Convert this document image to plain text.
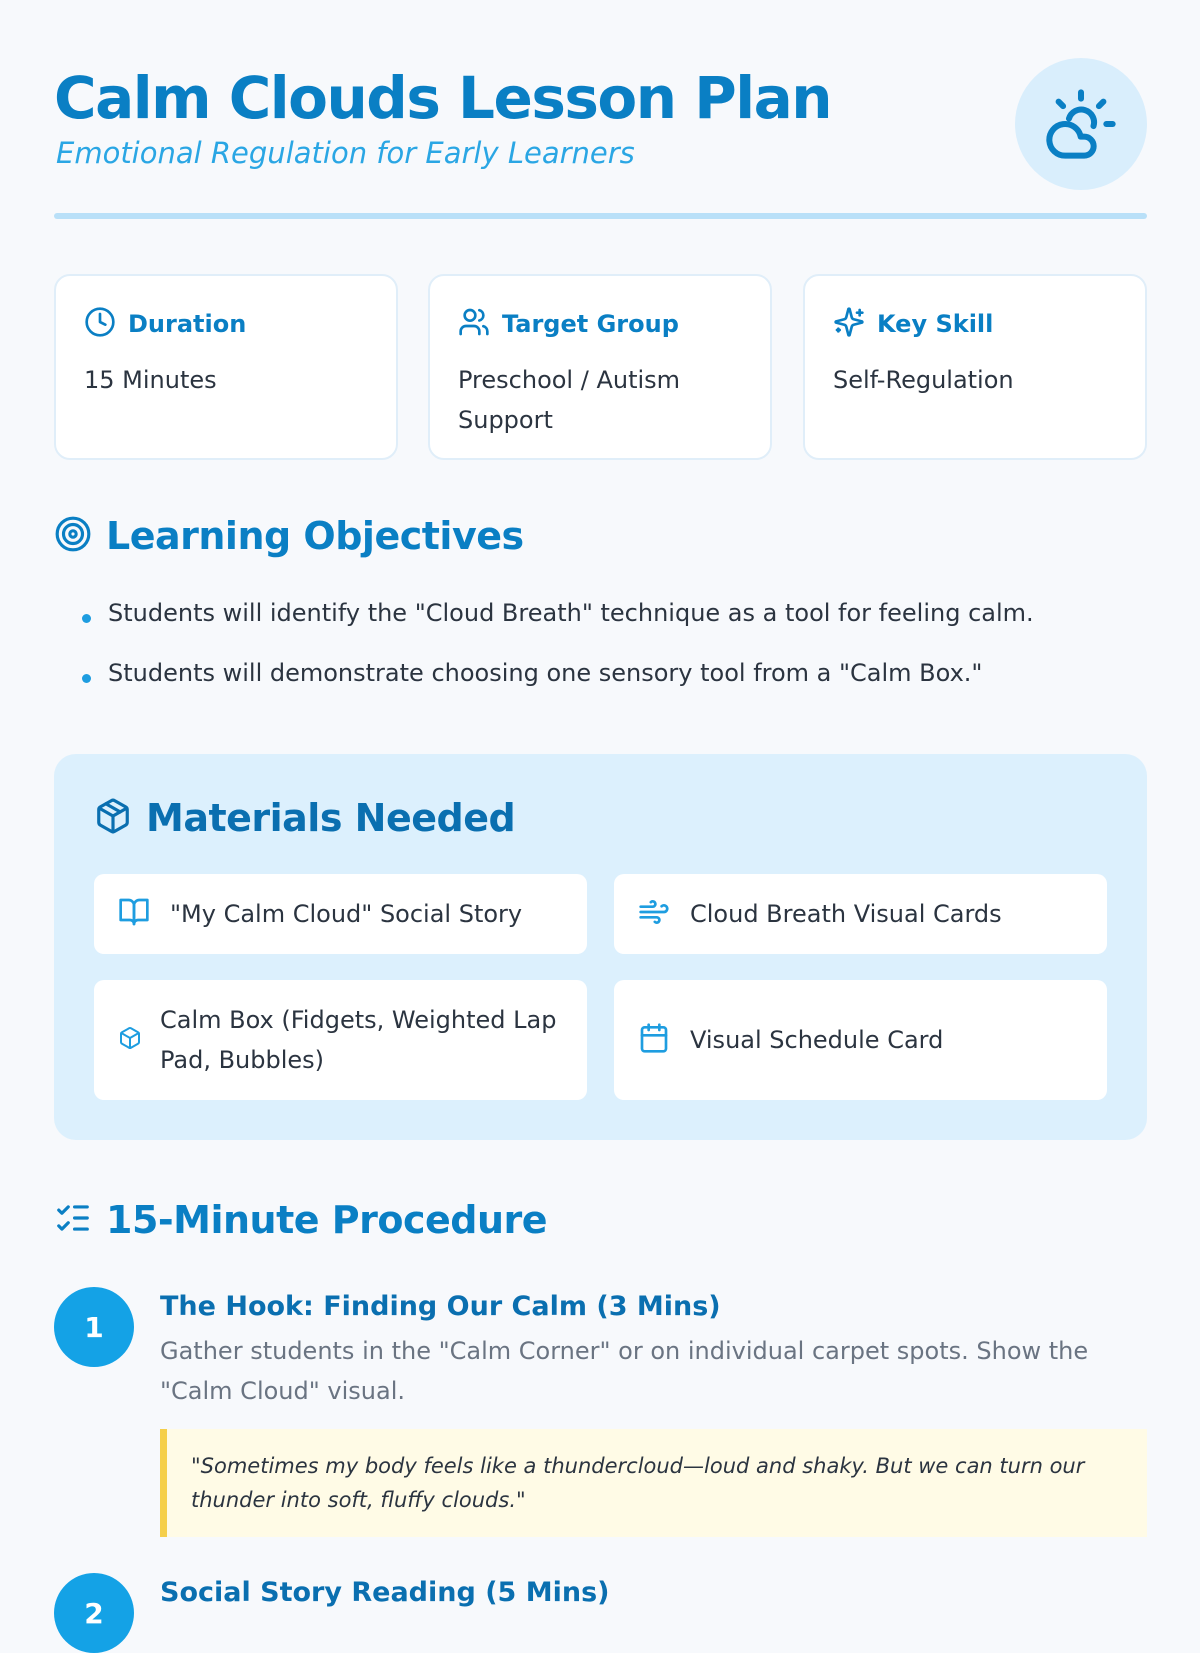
Calm Clouds Lesson Plan
Emotional Regulation for Early Learners
Duration
15 Minutes
Target Group
Preschool / Autism Support
Key Skill
Self-Regulation
Learning Objectives
Students will identify the "Cloud Breath" technique as a tool for feeling calm.
Students will demonstrate choosing one sensory tool from a "Calm Box."
Materials Needed
"My Calm Cloud" Social Story	Cloud Breath Visual Cards
Calm Box (Fidgets, Weighted Lap Pad, Bubbles)
Visual Schedule Card
15-Minute Procedure
1
The Hook: Finding Our Calm (3 Mins)
Gather students in the "Calm Corner" or on individual carpet spots. Show the "Calm Cloud" visual.
"Sometimes my body feels like a thundercloud—loud and shaky. But we can turn our thunder into soft, fluffy clouds."
2
Social Story Reading (5 Mins)
